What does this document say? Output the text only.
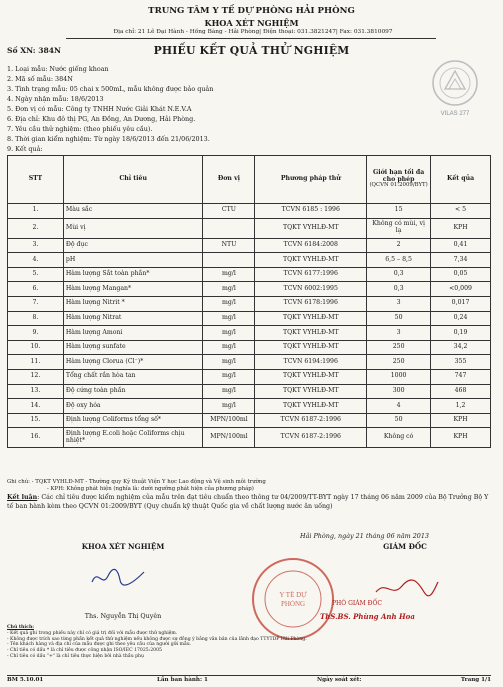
TRUNG TÂM Y TẾ DỰ PHÒNG HẢI PHÒNG
KHOA XÉT NGHIỆM
Địa chỉ: 21 Lê Đại Hành - Hồng Bàng - Hải Phòng| Điện thoại: 031.3821247| Fax: 031.3810097
Số XN: 384N	PHIẾU KẾT QUẢ THỬ NGHIỆM
VILAS 277
1. Loại mẫu: Nước giếng khoan
2. Mã số mẫu: 384N
3. Tình trạng mẫu: 05 chai x 500mL, mẫu không được bảo quản
4. Ngày nhận mẫu: 18/6/2013
5. Đơn vị có mẫu: Công ty TNHH Nước Giải Khát N.E.V.A
6. Địa chỉ: Khu đô thị PG, An Đồng, An Dương, Hải Phòng.
7. Yêu cầu thử nghiệm: (theo phiếu yêu cầu).
8. Thời gian kiểm nghiệm: Từ ngày 18/6/2013 đến 21/06/2013.
9. Kết quả:
STT	Chỉ tiêu	Đơn vị	Phương pháp thử	Giới hạn tối đa cho phép
(QCVN 01:2009/BYT)	Kết qủa
1.	Màu sắc	CTU	TCVN 6185 : 1996	15	< 5
2.	Mùi vị		TQKT VYHLĐ-MT	Không có mùi, vị lạ	KPH
3.	Độ đục	NTU	TCVN 6184:2008	2	0,41
4.	pH		TQKT VYHLĐ-MT	6,5 – 8,5	7,34
5.	Hàm lượng Sắt toàn phần*	mg/l	TCVN 6177:1996	0,3	0,05
6.	Hàm lượng Mangan*	mg/l	TCVN 6002:1995	0,3	<0,009
7.	Hàm lượng Nitrit *	mg/l	TCVN 6178:1996	3	0,017
8.	Hàm lượng Nitrat	mg/l	TQKT VYHLĐ-MT	50	0,24
9.	Hàm lượng Amoni	mg/l	TQKT VYHLĐ-MT	3	0,19
10.	Hàm lượng sunfate	mg/l	TQKT VYHLĐ-MT	250	34,2
11.	Hàm lượng Clorua (Cl⁻)*	mg/l	TCVN 6194:1996	250	355
12.	Tổng chất rắn hòa tan	mg/l	TQKT VYHLĐ-MT	1000	747
13.	Độ cứng toàn phần	mg/l	TQKT VYHLĐ-MT	300	468
14.	Độ oxy hóa	mg/l	TQKT VYHLĐ-MT	4	1,2
15.	Định lượng Coliforms tổng số*	MPN/100ml	TCVN 6187-2:1996	50	KPH
16.	Định lượng E.coli hoặc Coliforms chịu nhiệt*	MPN/100ml	TCVN 6187-2:1996	Không có	KPH
Ghi chú: - TQKT VYHLĐ-MT - Thường quy Kỹ thuật Viện Y học Lao động và Vệ sinh môi trường
- KPH: Không phát hiện (nghĩa là: dưới ngưỡng phát hiện của phương pháp)
Kết luận: Các chỉ tiêu được kiểm nghiệm của mẫu trên đạt tiêu chuẩn theo thông tư 04/2009/TT-BYT ngày 17 tháng 06 năm 2009 của Bộ Trưởng Bộ Y tế ban hành kèm theo QCVN 01:2009/BYT (Quy chuẩn kỹ thuật Quốc gia về chất lượng nước ăn uống)
Y TẾ DỰ
PHÒNG
Hải Phòng, ngày 21 tháng 06 năm 2013
KHOA XÉT NGHIỆM	GIÁM ĐỐC
PHÓ GIÁM ĐỐC
Ths. Nguyễn Thị Quyên	ThS.BS. Phùng Anh Hoa
Chú thích:
- Kết quả ghi trong phiếu này chỉ có giá trị đối với mẫu được thử nghiệm.
- Không được trích sao từng phần kết quả thử nghiệm nếu không được sự đồng ý bằng văn bản của lãnh đạo TTYTDP Hải Phòng.
- Tên khách hàng và địa chỉ của mẫu được ghi theo yêu cầu của người gửi mẫu.
- Chỉ tiêu có dấu * là chỉ tiêu được công nhận ISO/IEC 17025:2005
- Chỉ tiêu có dấu "+" là chỉ tiêu thực hiện bởi nhà thầu phụ
BM 5.10.01	Lần ban hành: 1	Ngày soát xét:	Trang 1/1
